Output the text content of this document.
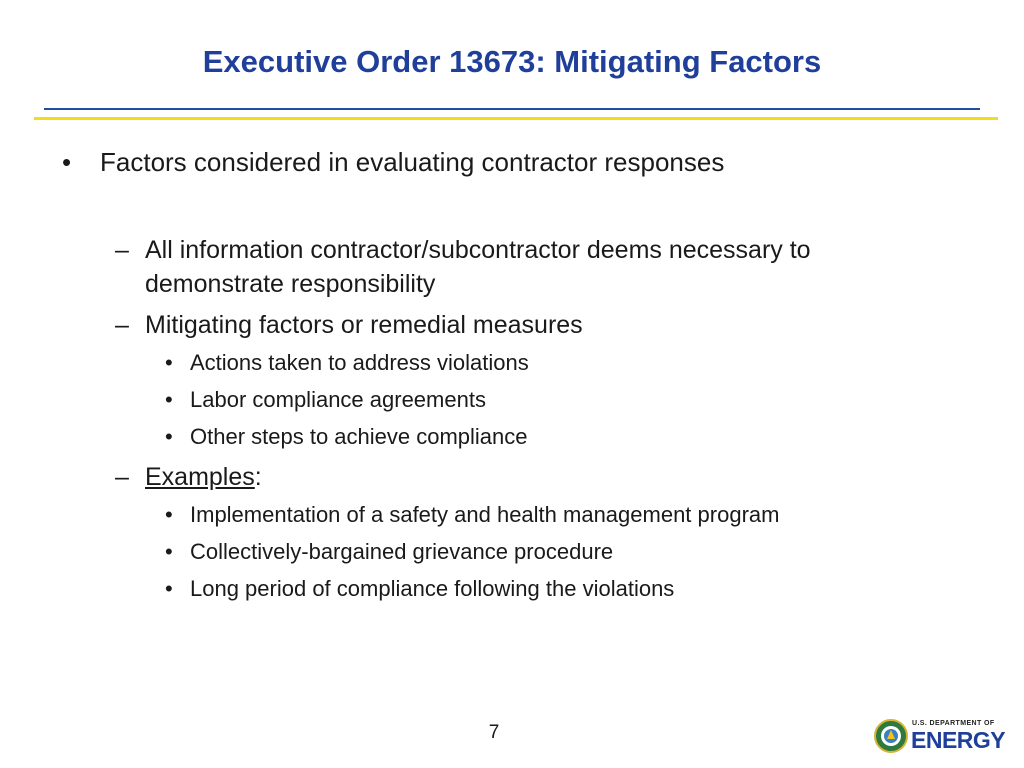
Executive Order 13673: Mitigating Factors
• Factors considered in evaluating contractor responses
– All information contractor/subcontractor deems necessary to
demonstrate responsibility
– Mitigating factors or remedial measures
• Actions taken to address violations
• Labor compliance agreements
• Other steps to achieve compliance
– Examples:
• Implementation of a safety and health management program
• Collectively-bargained grievance procedure
• Long period of compliance following the violations
7	U.S. DEPARTMENT OF
ENERGY
